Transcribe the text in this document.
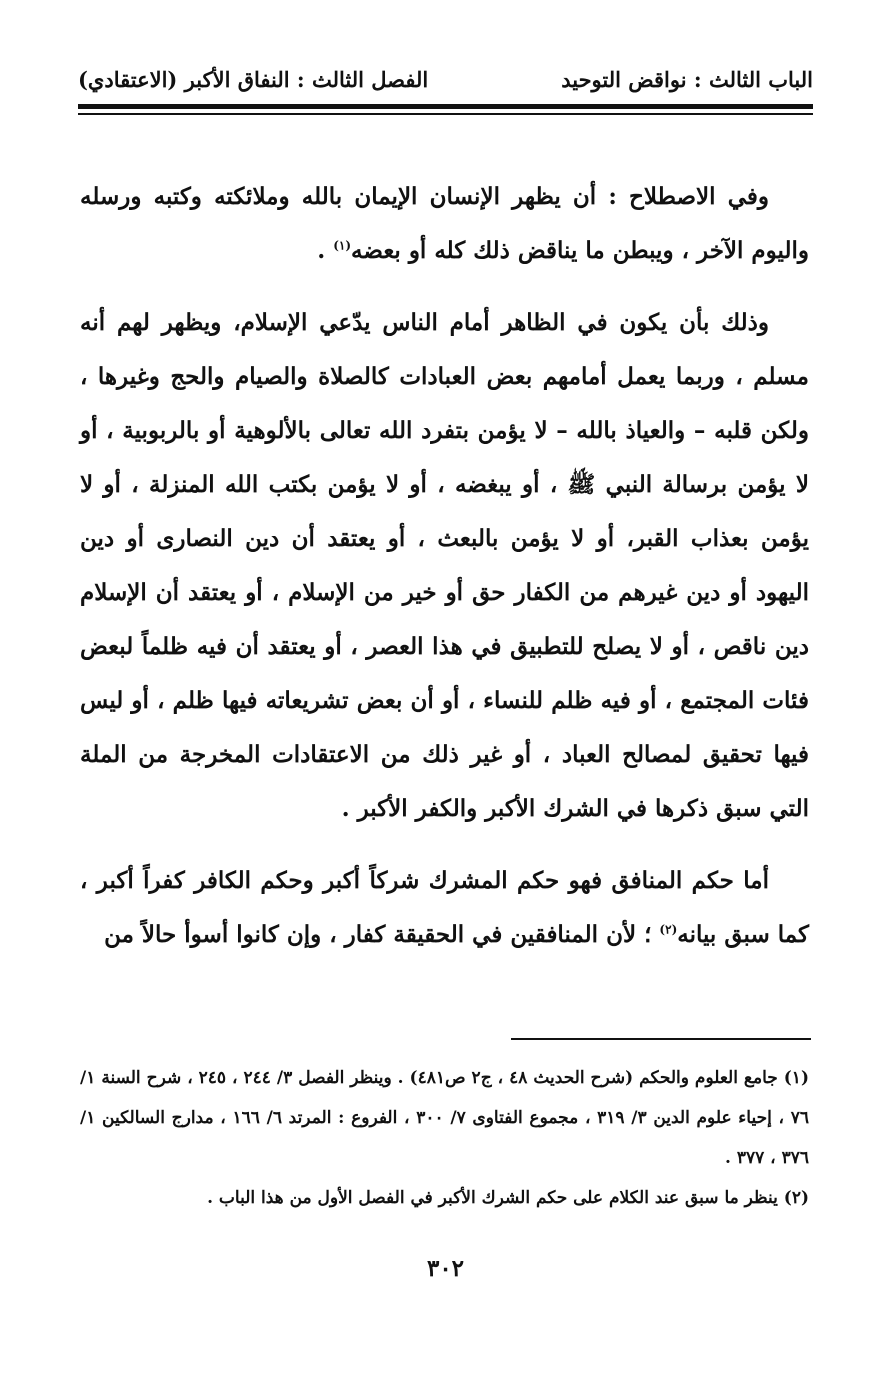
الباب الثالث : نواقض التوحيد
الفصل الثالث : النفاق الأكبر (الاعتقادي)

وفي الاصطلاح : أن يظهر الإنسان الإيمان بالله وملائكته وكتبه ورسله واليوم الآخر ، ويبطن ما يناقض ذلك كله أو بعضه$^{(١)}$ .

وذلك بأن يكون في الظاهر أمام الناس يدّعي الإسلام، ويظهر لهم أنه مسلم ، وربما يعمل أمامهم بعض العبادات كالصلاة والصيام والحج وغيرها ، ولكن قلبه – والعياذ بالله – لا يؤمن بتفرد الله تعالى بالألوهية أو بالربوبية ، أو لا يؤمن برسالة النبي ﷺ ، أو يبغضه ، أو لا يؤمن بكتب الله المنزلة ، أو لا يؤمن بعذاب القبر، أو لا يؤمن بالبعث ، أو يعتقد أن دين النصارى أو دين اليهود أو دين غيرهم من الكفار حق أو خير من الإسلام ، أو يعتقد أن الإسلام دين ناقص ، أو لا يصلح للتطبيق في هذا العصر ، أو يعتقد أن فيه ظلماً لبعض فئات المجتمع ، أو فيه ظلم للنساء ، أو أن بعض تشريعاته فيها ظلم ، أو ليس فيها تحقيق لمصالح العباد ، أو غير ذلك من الاعتقادات المخرجة من الملة التي سبق ذكرها في الشرك الأكبر والكفر الأكبر .

أما حكم المنافق فهو حكم المشرك شركاً أكبر وحكم الكافر كفراً أكبر ، كما سبق بيانه$^{(٢)}$ ؛ لأن المنافقين في الحقيقة كفار ، وإن كانوا أسوأ حالاً من

(١) جامع العلوم والحكم (شرح الحديث ٤٨ ، ج٢ ص٤٨١) . وينظر الفصل ٣/ ٢٤٤ ، ٢٤٥ ، شرح السنة ١/ ٧٦ ، إحياء علوم الدين ٣/ ٣١٩ ، مجموع الفتاوى ٧/ ٣٠٠ ، الفروع : المرتد ٦/ ١٦٦ ، مدارج السالكين ١/ ٣٧٦ ، ٣٧٧ .

(٢) ينظر ما سبق عند الكلام على حكم الشرك الأكبر في الفصل الأول من هذا الباب .

٣٠٢
